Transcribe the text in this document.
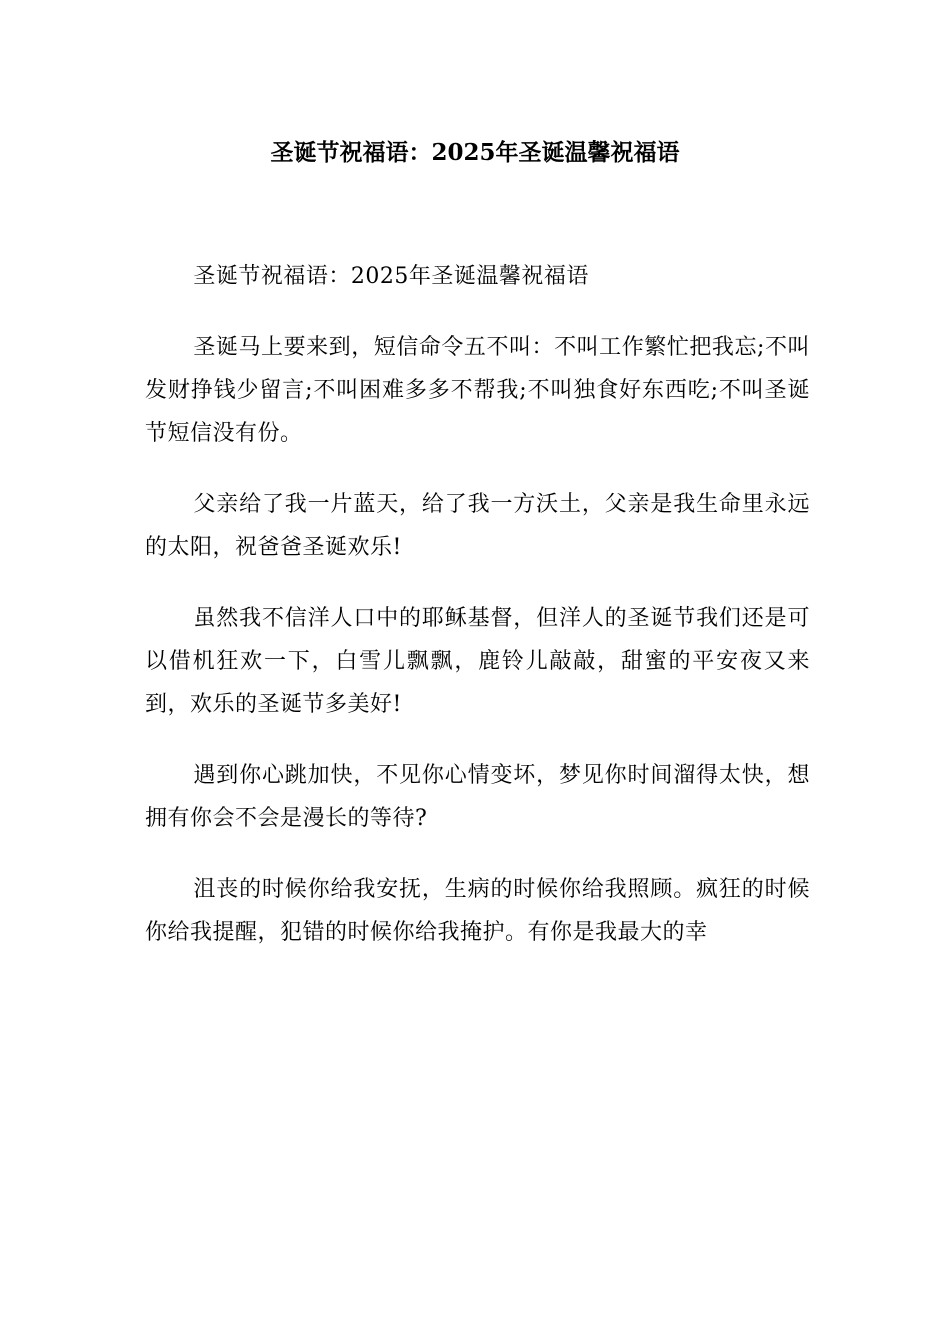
圣诞节祝福语：2025年圣诞温馨祝福语

圣诞节祝福语：2025年圣诞温馨祝福语

圣诞马上要来到，短信命令五不叫：不叫工作繁忙把我忘;不叫发财挣钱少留言;不叫困难多多不帮我;不叫独食好东西吃;不叫圣诞节短信没有份。

父亲给了我一片蓝天，给了我一方沃土，父亲是我生命里永远的太阳，祝爸爸圣诞欢乐!

虽然我不信洋人口中的耶稣基督，但洋人的圣诞节我们还是可以借机狂欢一下，白雪儿飘飘，鹿铃儿敲敲，甜蜜的平安夜又来到，欢乐的圣诞节多美好!

遇到你心跳加快，不见你心情变坏，梦见你时间溜得太快，想拥有你会不会是漫长的等待?

沮丧的时候你给我安抚，生病的时候你给我照顾。疯狂的时候你给我提醒，犯错的时候你给我掩护。有你是我最大的幸
